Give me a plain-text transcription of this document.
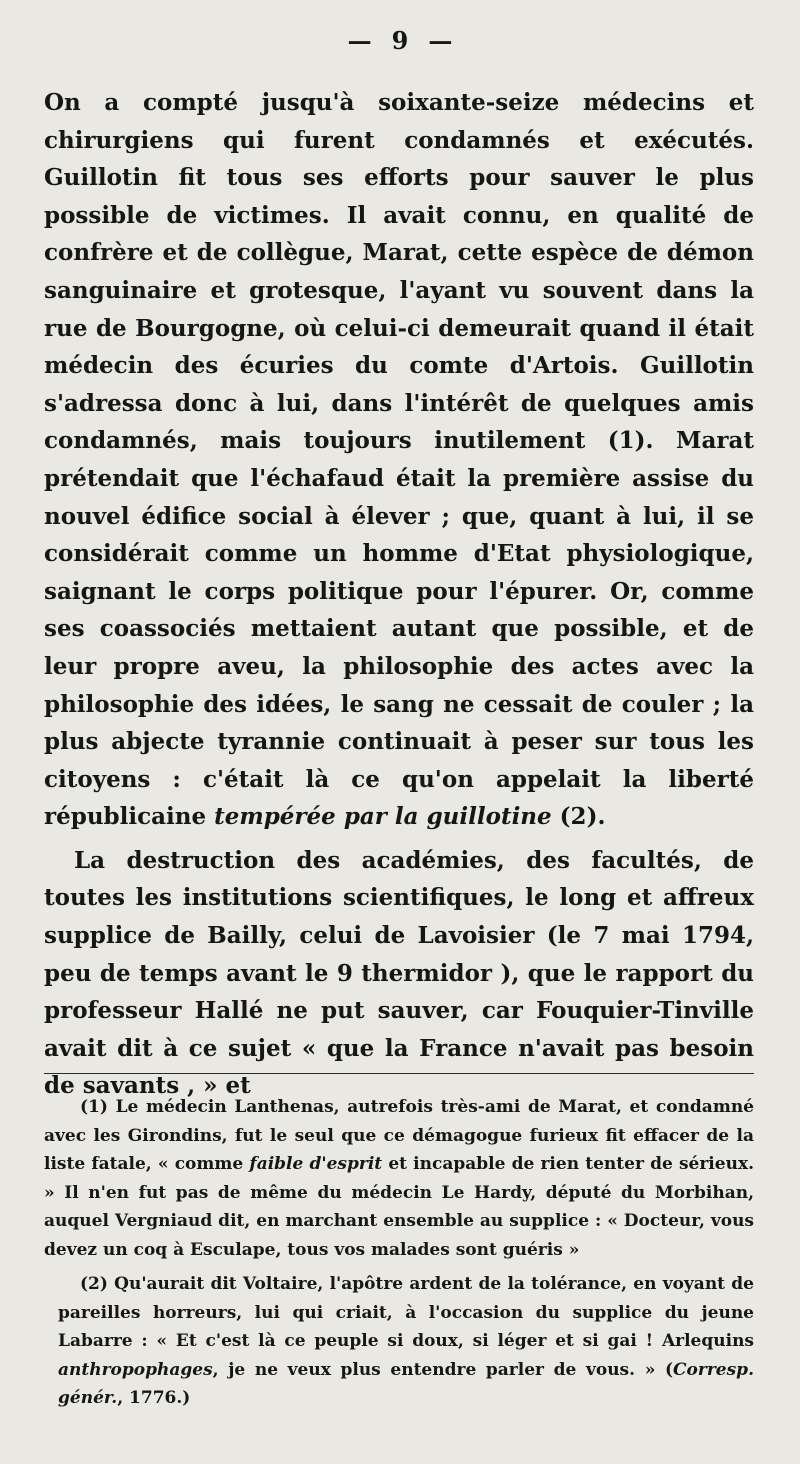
— 9 —

On a compté jusqu'à soixante-seize médecins et chirurgiens qui furent condamnés et exécutés. Guillotin fit tous ses efforts pour sauver le plus possible de victimes. Il avait connu, en qualité de confrère et de collègue, Marat, cette espèce de démon sanguinaire et grotesque, l'ayant vu souvent dans la rue de Bourgogne, où celui-ci demeurait quand il était médecin des écuries du comte d'Artois. Guillotin s'adressa donc à lui, dans l'intérêt de quelques amis condamnés, mais toujours inutilement (1). Marat prétendait que l'échafaud était la première assise du nouvel édifice social à élever ; que, quant à lui, il se considérait comme un homme d'Etat physiologique, saignant le corps politique pour l'épurer. Or, comme ses coassociés mettaient autant que possible, et de leur propre aveu, la philosophie des actes avec la philosophie des idées, le sang ne cessait de couler ; la plus abjecte tyrannie continuait à peser sur tous les citoyens : c'était là ce qu'on appelait la liberté républicaine tempérée par la guillotine (2).

La destruction des académies, des facultés, de toutes les institutions scientifiques, le long et affreux supplice de Bailly, celui de Lavoisier (le 7 mai 1794, peu de temps avant le 9 thermidor ), que le rapport du professeur Hallé ne put sauver, car Fouquier-Tinville avait dit à ce sujet « que la France n'avait pas besoin de savants , » et

(1) Le médecin Lanthenas, autrefois très-ami de Marat, et condamné avec les Girondins, fut le seul que ce démagogue furieux fit effacer de la liste fatale, « comme faible d'esprit et incapable de rien tenter de sérieux. » Il n'en fut pas de même du médecin Le Hardy, député du Morbihan, auquel Vergniaud dit, en marchant ensemble au supplice : « Docteur, vous devez un coq à Esculape, tous vos malades sont guéris »

(2) Qu'aurait dit Voltaire, l'apôtre ardent de la tolérance, en voyant de pareilles horreurs, lui qui criait, à l'occasion du supplice du jeune Labarre : « Et c'est là ce peuple si doux, si léger et si gai ! Arlequins anthropophages, je ne veux plus entendre parler de vous. » (Corresp. génér., 1776.)
